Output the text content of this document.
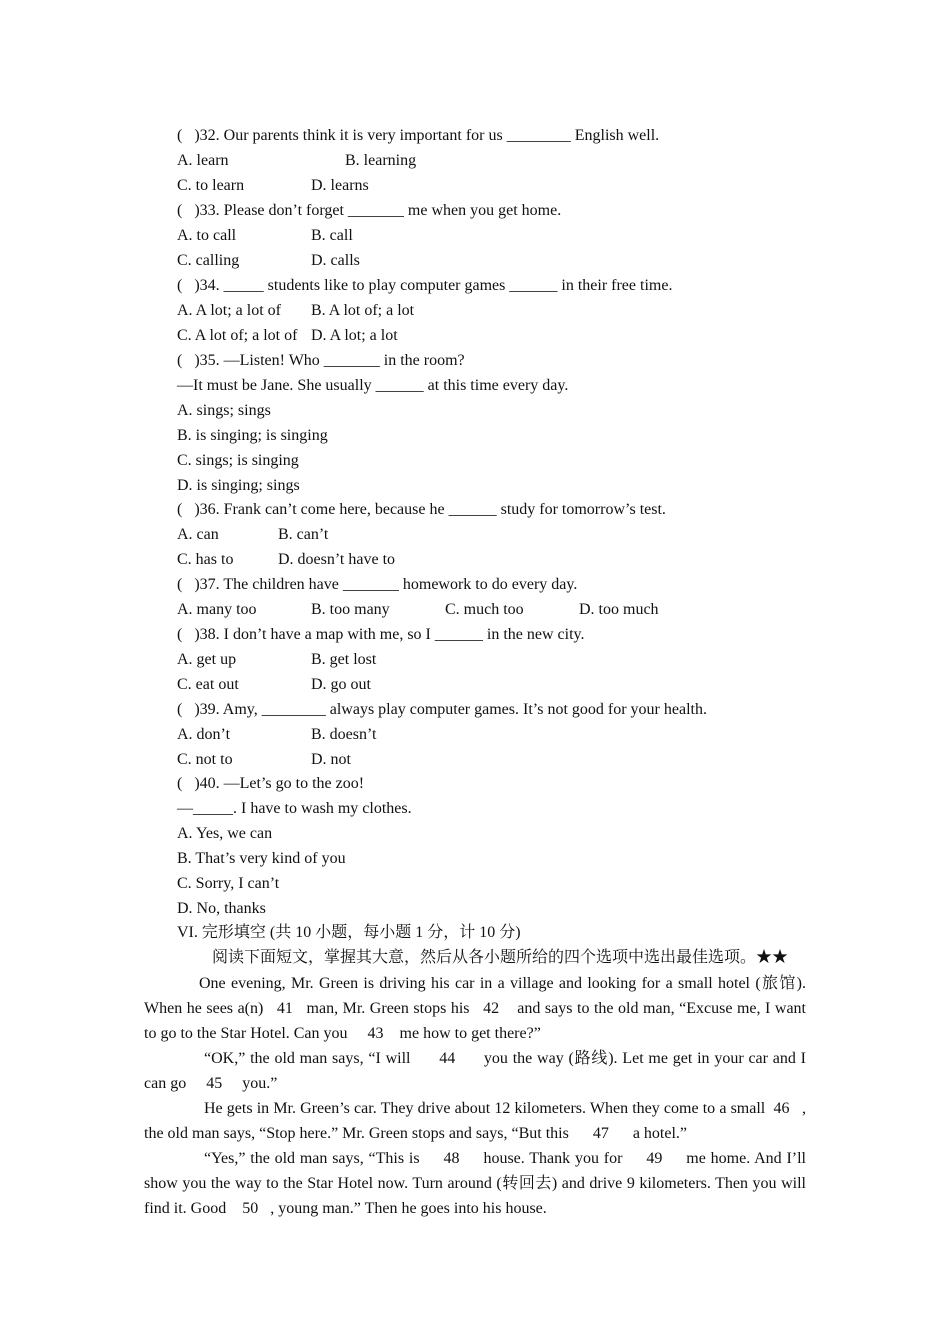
(   )32. Our parents think it is very important for us ________ English well.
A. learn	B. learning
C. to learn	D. learns
(   )33. Please don’t forget _______ me when you get home.
A. to call	B. call
C. calling	D. calls
(   )34. _____ students like to play computer games ______ in their free time.
A. A lot; a lot of B. A lot of; a lot
C. A lot of; a lot of D. A lot; a lot
(   )35. —Listen! Who _______ in the room?
—It must be Jane. She usually ______ at this time every day.
A. sings; sings
B. is singing; is singing
C. sings; is singing
D. is singing; sings
(   )36. Frank can’t come here, because he ______ study for tomorrow’s test.
A. can	B. can’t
C. has to	D. doesn’t have to
(   )37. The children have _______ homework to do every day.
A. many too	B. too many	C. much too	D. too much
(   )38. I don’t have a map with me, so I ______ in the new city.
A. get up	B. get lost
C. eat out	D. go out
(   )39. Amy, ________ always play computer games. It’s not good for your health.
A. don’t	B. doesn’t
C. not to	D. not
(   )40. —Let’s go to the zoo!
—_____. I have to wash my clothes.
A. Yes, we can
B. That’s very kind of you
C. Sorry, I can’t
D. No, thanks
VI. 完形填空 (共 10 小题，每小题 1 分，计 10 分)
阅读下面短文，掌握其大意，然后从各小题所给的四个选项中选出最佳选项。★★
One evening, Mr. Green is driving his car in a village and looking for a small hotel (旅馆). When he sees a(n)   41   man, Mr. Green stops his   42    and says to the old man, “Excuse me, I want to go to the Star Hotel. Can you     43    me how to get there?”
“OK,” the old man says, “I will      44      you the way (路线). Let me get in your car and I can go     45     you.”
He gets in Mr. Green’s car. They drive about 12 kilometers. When they come to a small  46   , the old man says, “Stop here.” Mr. Green stops and says, “But this      47      a hotel.”
“Yes,” the old man says, “This is     48     house. Thank you for     49     me home. And I’ll show you the way to the Star Hotel now. Turn around (转回去) and drive 9 kilometers. Then you will find it. Good    50   , young man.” Then he goes into his house.
